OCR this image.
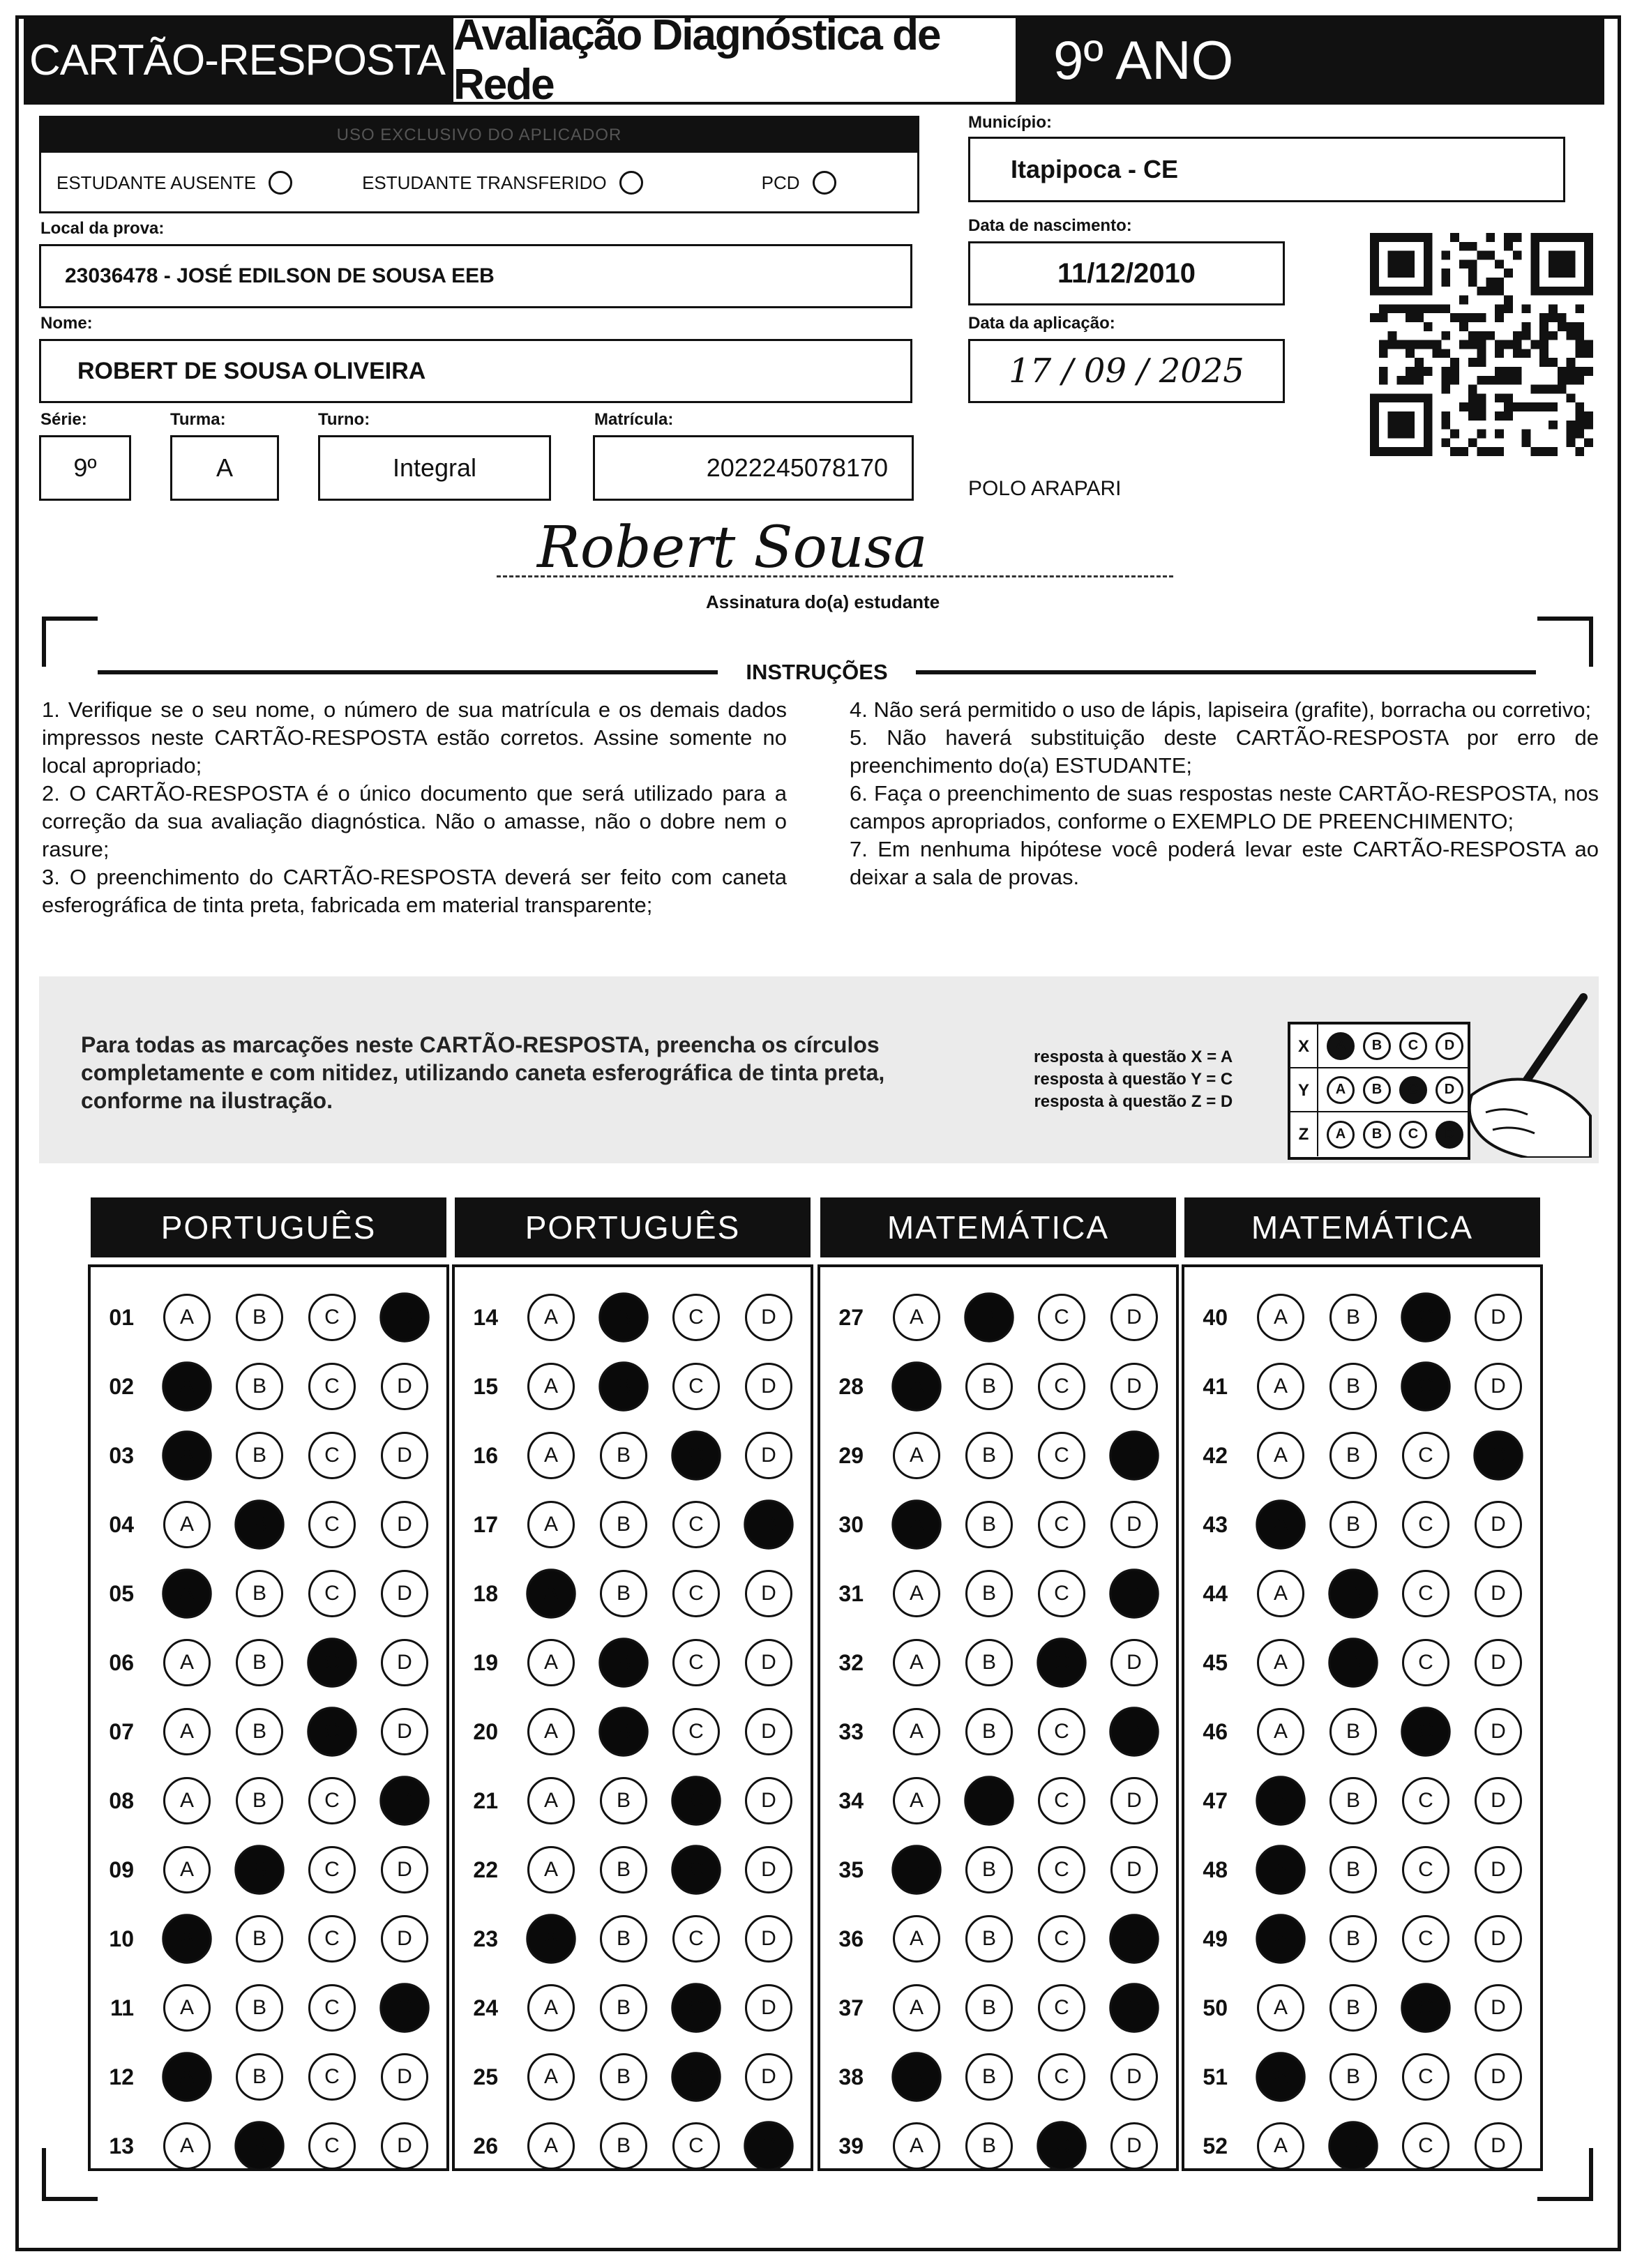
CARTÃO-RESPOSTA
Avaliação Diagnóstica de Rede	9º ANO
USO EXCLUSIVO DO APLICADOR
ESTUDANTE AUSENTE	ESTUDANTE TRANSFERIDO	PCD
Município:
Itapipoca - CE
Local da prova:
23036478 - JOSÉ EDILSON DE SOUSA EEB
Data de nascimento:
11/12/2010
Nome:
ROBERT DE SOUSA OLIVEIRA
Data da aplicação:
17 / 09 / 2025
Série:
9º
Turma:
A
Turno:
Integral
Matrícula:
2022245078170
POLO ARAPARI
Robert Sousa
Assinatura do(a) estudante
INSTRUÇÕES

1. Verifique se o seu nome, o número de sua matrícula e os demais dados impressos neste CARTÃO-RESPOSTA estão corretos. Assine somente no local apropriado;

2. O CARTÃO-RESPOSTA é o único documento que será utilizado para a correção da sua avaliação diagnóstica. Não o amasse, não o dobre nem o rasure;

3. O preenchimento do CARTÃO-RESPOSTA deverá ser feito com caneta esferográfica de tinta preta, fabricada em material transparente;

4. Não será permitido o uso de lápis, lapiseira (grafite), borracha ou corretivo;

5. Não haverá substituição deste CARTÃO-RESPOSTA por erro de preenchimento do(a) ESTUDANTE;

6. Faça o preenchimento de suas respostas neste CARTÃO-RESPOSTA, nos campos apropriados, conforme o EXEMPLO DE PREENCHIMENTO;

7. Em nenhuma hipótese você poderá levar este CARTÃO-RESPOSTA ao deixar a sala de provas.

Para todas as marcações neste CARTÃO-RESPOSTA, preencha os círculos completamente e com nitidez, utilizando caneta esferográfica de tinta preta, conforme na ilustração.
resposta à questão X = A
resposta à questão Y = C
resposta à questão Z = D
X	A	B	C	D
Y	A	B	C	D
Z	A	B	C	D
PORTUGUÊS
01	A	B	C	D
02	A	B	C	D
03	A	B	C	D
04	A	B	C	D
05	A	B	C	D
06	A	B	C	D
07	A	B	C	D
08	A	B	C	D
09	A	B	C	D
10	A	B	C	D
11	A	B	C	D
12	A	B	C	D
13	A	B	C	D
PORTUGUÊS
14	A	B	C	D
15	A	B	C	D
16	A	B	C	D
17	A	B	C	D
18	A	B	C	D
19	A	B	C	D
20	A	B	C	D
21	A	B	C	D
22	A	B	C	D
23	A	B	C	D
24	A	B	C	D
25	A	B	C	D
26	A	B	C	D
MATEMÁTICA
27	A	B	C	D
28	A	B	C	D
29	A	B	C	D
30	A	B	C	D
31	A	B	C	D
32	A	B	C	D
33	A	B	C	D
34	A	B	C	D
35	A	B	C	D
36	A	B	C	D
37	A	B	C	D
38	A	B	C	D
39	A	B	C	D
MATEMÁTICA
40	A	B	C	D
41	A	B	C	D
42	A	B	C	D
43	A	B	C	D
44	A	B	C	D
45	A	B	C	D
46	A	B	C	D
47	A	B	C	D
48	A	B	C	D
49	A	B	C	D
50	A	B	C	D
51	A	B	C	D
52	A	B	C	D
